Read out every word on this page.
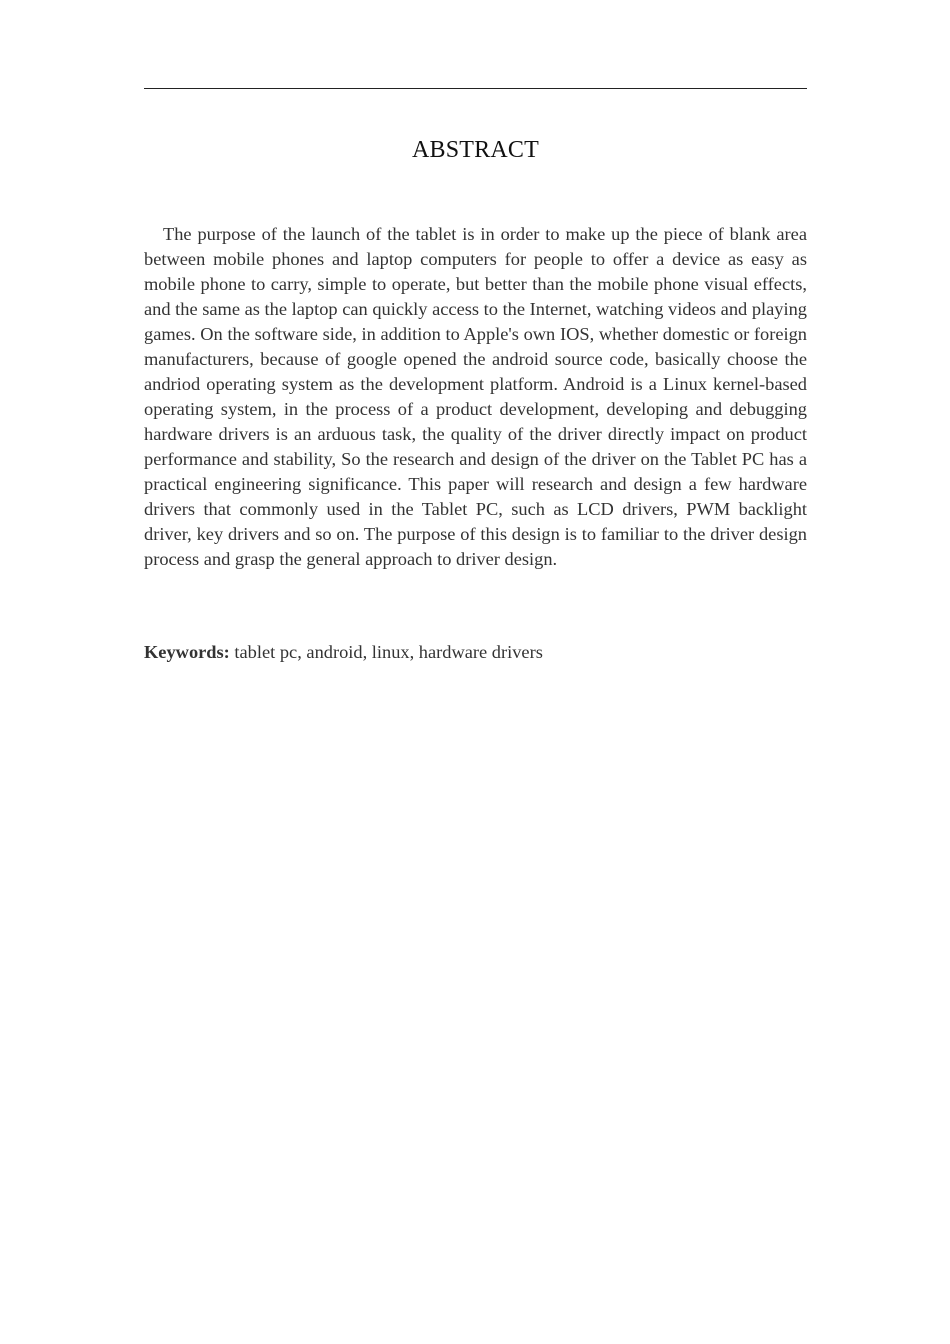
ABSTRACT

The purpose of the launch of the tablet is in order to make up the piece of blank area between mobile phones and laptop computers for people to offer a device as easy as mobile phone to carry, simple to operate, but better than the mobile phone visual effects, and the same as the laptop can quickly access to the Internet, watching videos and playing games. On the software side, in addition to Apple's own IOS, whether domestic or foreign manufacturers, because of google opened the android source code, basically choose the andriod operating system as the development platform. Android is a Linux kernel-based operating system, in the process of a product development, developing and debugging hardware drivers is an arduous task, the quality of the driver directly impact on product performance and stability, So the research and design of the driver on the Tablet PC has a practical engineering significance. This paper will research and design a few hardware drivers that commonly used in the Tablet PC, such as LCD drivers, PWM backlight driver, key drivers and so on. The purpose of this design is to familiar to the driver design process and grasp the general approach to driver design.

Keywords: tablet pc, android, linux, hardware drivers
